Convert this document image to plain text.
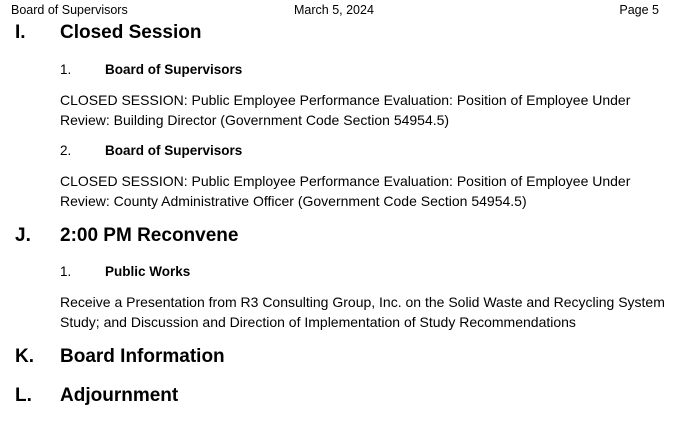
Board of Supervisors	March 5, 2024	Page 5
I. Closed Session
1. Board of Supervisors
CLOSED SESSION: Public Employee Performance Evaluation: Position of Employee Under Review: Building Director (Government Code Section 54954.5)
2. Board of Supervisors
CLOSED SESSION: Public Employee Performance Evaluation: Position of Employee Under Review: County Administrative Officer (Government Code Section 54954.5)
J. 2:00 PM Reconvene
1. Public Works
Receive a Presentation from R3 Consulting Group, Inc. on the Solid Waste and Recycling System Study; and Discussion and Direction of Implementation of Study Recommendations
K. Board Information
L. Adjournment
